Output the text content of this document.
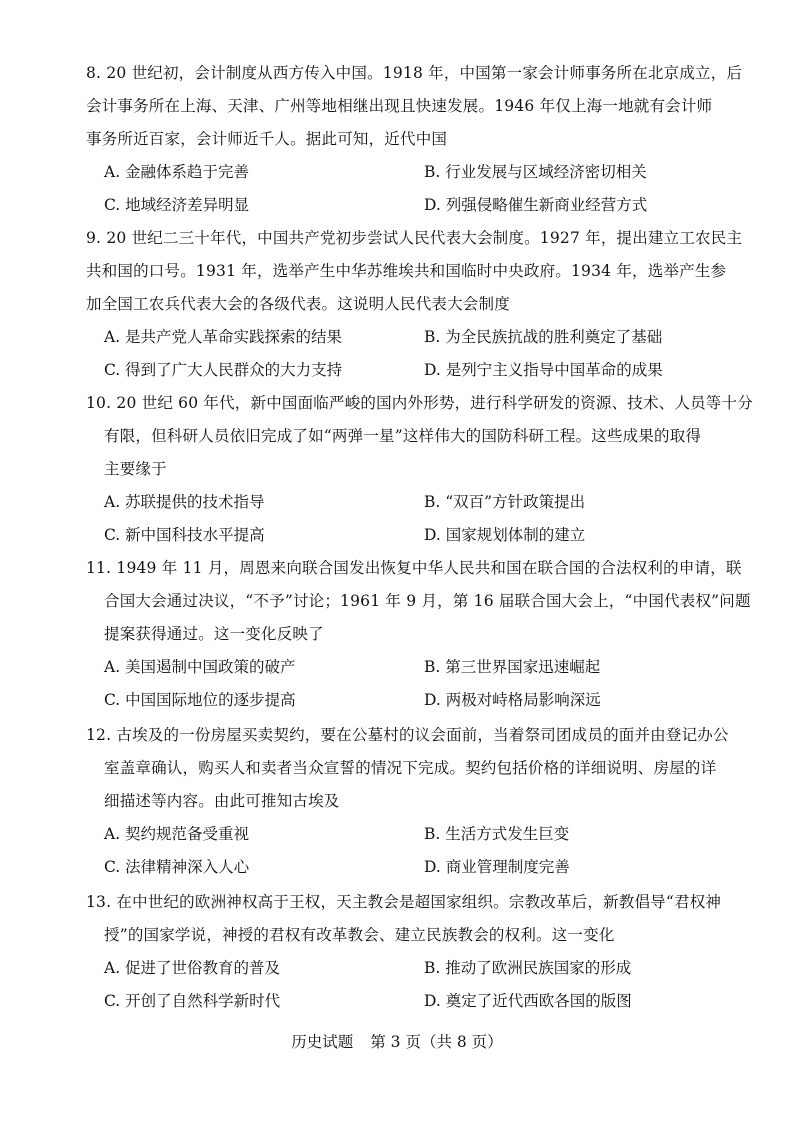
8. 20 世纪初，会计制度从西方传入中国。1918 年，中国第一家会计师事务所在北京成立，后
会计事务所在上海、天津、广州等地相继出现且快速发展。1946 年仅上海一地就有会计师
事务所近百家，会计师近千人。据此可知，近代中国
A. 金融体系趋于完善	B. 行业发展与区域经济密切相关
C. 地域经济差异明显	D. 列强侵略催生新商业经营方式
9. 20 世纪二三十年代，中国共产党初步尝试人民代表大会制度。1927 年，提出建立工农民主
共和国的口号。1931 年，选举产生中华苏维埃共和国临时中央政府。1934 年，选举产生参
加全国工农兵代表大会的各级代表。这说明人民代表大会制度
A. 是共产党人革命实践探索的结果	B. 为全民族抗战的胜利奠定了基础
C. 得到了广大人民群众的大力支持	D. 是列宁主义指导中国革命的成果
10. 20 世纪 60 年代，新中国面临严峻的国内外形势，进行科学研发的资源、技术、人员等十分
有限，但科研人员依旧完成了如“两弹一星”这样伟大的国防科研工程。这些成果的取得
主要缘于
A. 苏联提供的技术指导	B. “双百”方针政策提出
C. 新中国科技水平提高	D. 国家规划体制的建立
11. 1949 年 11 月，周恩来向联合国发出恢复中华人民共和国在联合国的合法权利的申请，联
合国大会通过决议，“不予”讨论；1961 年 9 月，第 16 届联合国大会上，“中国代表权”问题
提案获得通过。这一变化反映了
A. 美国遏制中国政策的破产	B. 第三世界国家迅速崛起
C. 中国国际地位的逐步提高	D. 两极对峙格局影响深远
12. 古埃及的一份房屋买卖契约，要在公墓村的议会面前，当着祭司团成员的面并由登记办公
室盖章确认，购买人和卖者当众宣誓的情况下完成。契约包括价格的详细说明、房屋的详
细描述等内容。由此可推知古埃及
A. 契约规范备受重视	B. 生活方式发生巨变
C. 法律精神深入人心	D. 商业管理制度完善
13. 在中世纪的欧洲神权高于王权，天主教会是超国家组织。宗教改革后，新教倡导“君权神
授”的国家学说，神授的君权有改革教会、建立民族教会的权利。这一变化
A. 促进了世俗教育的普及	B. 推动了欧洲民族国家的形成
C. 开创了自然科学新时代	D. 奠定了近代西欧各国的版图
历史试题 第 3 页（共 8 页）
